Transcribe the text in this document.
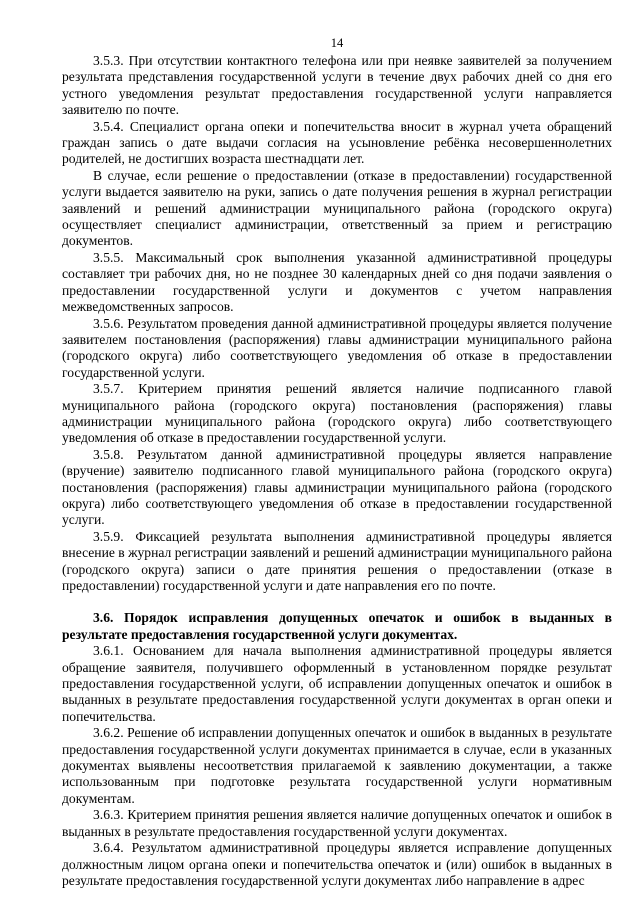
14

3.5.3. При отсутствии контактного телефона или при неявке заявителей за получением результата представления государственной услуги в течение двух рабочих дней со дня его устного уведомления результат предоставления государственной услуги направляется заявителю по почте.

3.5.4. Специалист органа опеки и попечительства вносит в журнал учета обращений граждан запись о дате выдачи согласия на усыновление ребёнка несовершеннолетних родителей, не достигших возраста шестнадцати лет.

В случае, если решение о предоставлении (отказе в предоставлении) государственной услуги выдается заявителю на руки, запись о дате получения решения в журнал регистрации заявлений и решений администрации муниципального района (городского округа) осуществляет специалист администрации, ответственный за прием и регистрацию документов.

3.5.5. Максимальный срок выполнения указанной административной процедуры составляет три рабочих дня, но не позднее 30 календарных дней со дня подачи заявления о предоставлении государственной услуги и документов с учетом направления межведомственных запросов.

3.5.6. Результатом проведения данной административной процедуры является получение заявителем постановления (распоряжения) главы администрации муниципального района (городского округа) либо соответствующего уведомления об отказе в предоставлении государственной услуги.

3.5.7. Критерием принятия решений является наличие подписанного главой муниципального района (городского округа) постановления (распоряжения) главы администрации муниципального района (городского округа) либо соответствующего уведомления об отказе в предоставлении государственной услуги.

3.5.8. Результатом данной административной процедуры является направление (вручение) заявителю подписанного главой муниципального района (городского округа) постановления (распоряжения) главы администрации муниципального района (городского округа) либо соответствующего уведомления об отказе в предоставлении государственной услуги.

3.5.9. Фиксацией результата выполнения административной процедуры является внесение в журнал регистрации заявлений и решений администрации муниципального района (городского округа) записи о дате принятия решения о предоставлении (отказе в предоставлении) государственной услуги и дате направления его по почте.

3.6. Порядок исправления допущенных опечаток и ошибок в выданных в результате предоставления государственной услуги документах.

3.6.1. Основанием для начала выполнения административной процедуры является обращение заявителя, получившего оформленный в установленном порядке результат предоставления государственной услуги, об исправлении допущенных опечаток и ошибок в выданных в результате предоставления государственной услуги документах в орган опеки и попечительства.

3.6.2. Решение об исправлении допущенных опечаток и ошибок в выданных в результате предоставления государственной услуги документах принимается в случае, если в указанных документах выявлены несоответствия прилагаемой к заявлению документации, а также использованным при подготовке результата государственной услуги нормативным документам.

3.6.3. Критерием принятия решения является наличие допущенных опечаток и ошибок в выданных в результате предоставления государственной услуги документах.

3.6.4. Результатом административной процедуры является исправление допущенных должностным лицом органа опеки и попечительства опечаток и (или) ошибок в выданных в результате предоставления государственной услуги документах либо направление в адрес
